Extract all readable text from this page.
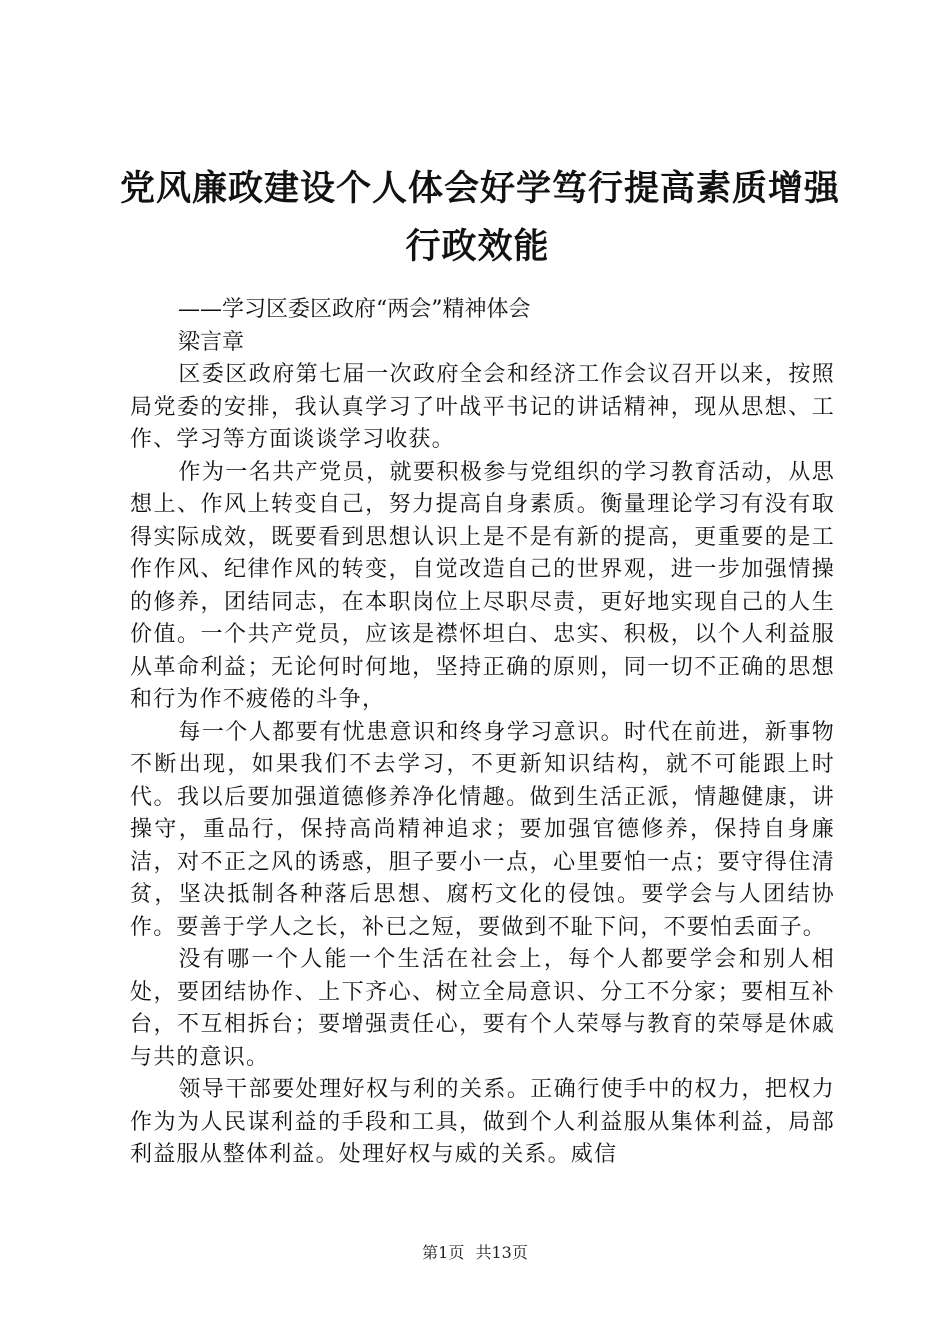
党风廉政建设个人体会好学笃行提高素质增强
行政效能

——学习区委区政府“两会”精神体会

梁言章

区委区政府第七届一次政府全会和经济工作会议召开以来，按照局党委的安排，我认真学习了叶战平书记的讲话精神，现从思想、工作、学习等方面谈谈学习收获。

作为一名共产党员，就要积极参与党组织的学习教育活动，从思想上、作风上转变自己，努力提高自身素质。衡量理论学习有没有取得实际成效，既要看到思想认识上是不是有新的提高，更重要的是工作作风、纪律作风的转变，自觉改造自己的世界观，进一步加强情操的修养，团结同志，在本职岗位上尽职尽责，更好地实现自己的人生价值。一个共产党员，应该是襟怀坦白、忠实、积极，以个人利益服从革命利益；无论何时何地，坚持正确的原则，同一切不正确的思想和行为作不疲倦的斗争，

每一个人都要有忧患意识和终身学习意识。时代在前进，新事物不断出现，如果我们不去学习，不更新知识结构，就不可能跟上时代。我以后要加强道德修养净化情趣。做到生活正派，情趣健康，讲操守，重品行，保持高尚精神追求；要加强官德修养，保持自身廉洁，对不正之风的诱惑，胆子要小一点，心里要怕一点；要守得住清贫，坚决抵制各种落后思想、腐朽文化的侵蚀。要学会与人团结协作。要善于学人之长，补已之短，要做到不耻下问，不要怕丢面子。

没有哪一个人能一个生活在社会上，每个人都要学会和别人相处，要团结协作、上下齐心、树立全局意识、分工不分家；要相互补台，不互相拆台；要增强责任心，要有个人荣辱与教育的荣辱是休戚与共的意识。

领导干部要处理好权与利的关系。正确行使手中的权力，把权力作为为人民谋利益的手段和工具，做到个人利益服从集体利益，局部利益服从整体利益。处理好权与威的关系。威信

第1页 共13页
